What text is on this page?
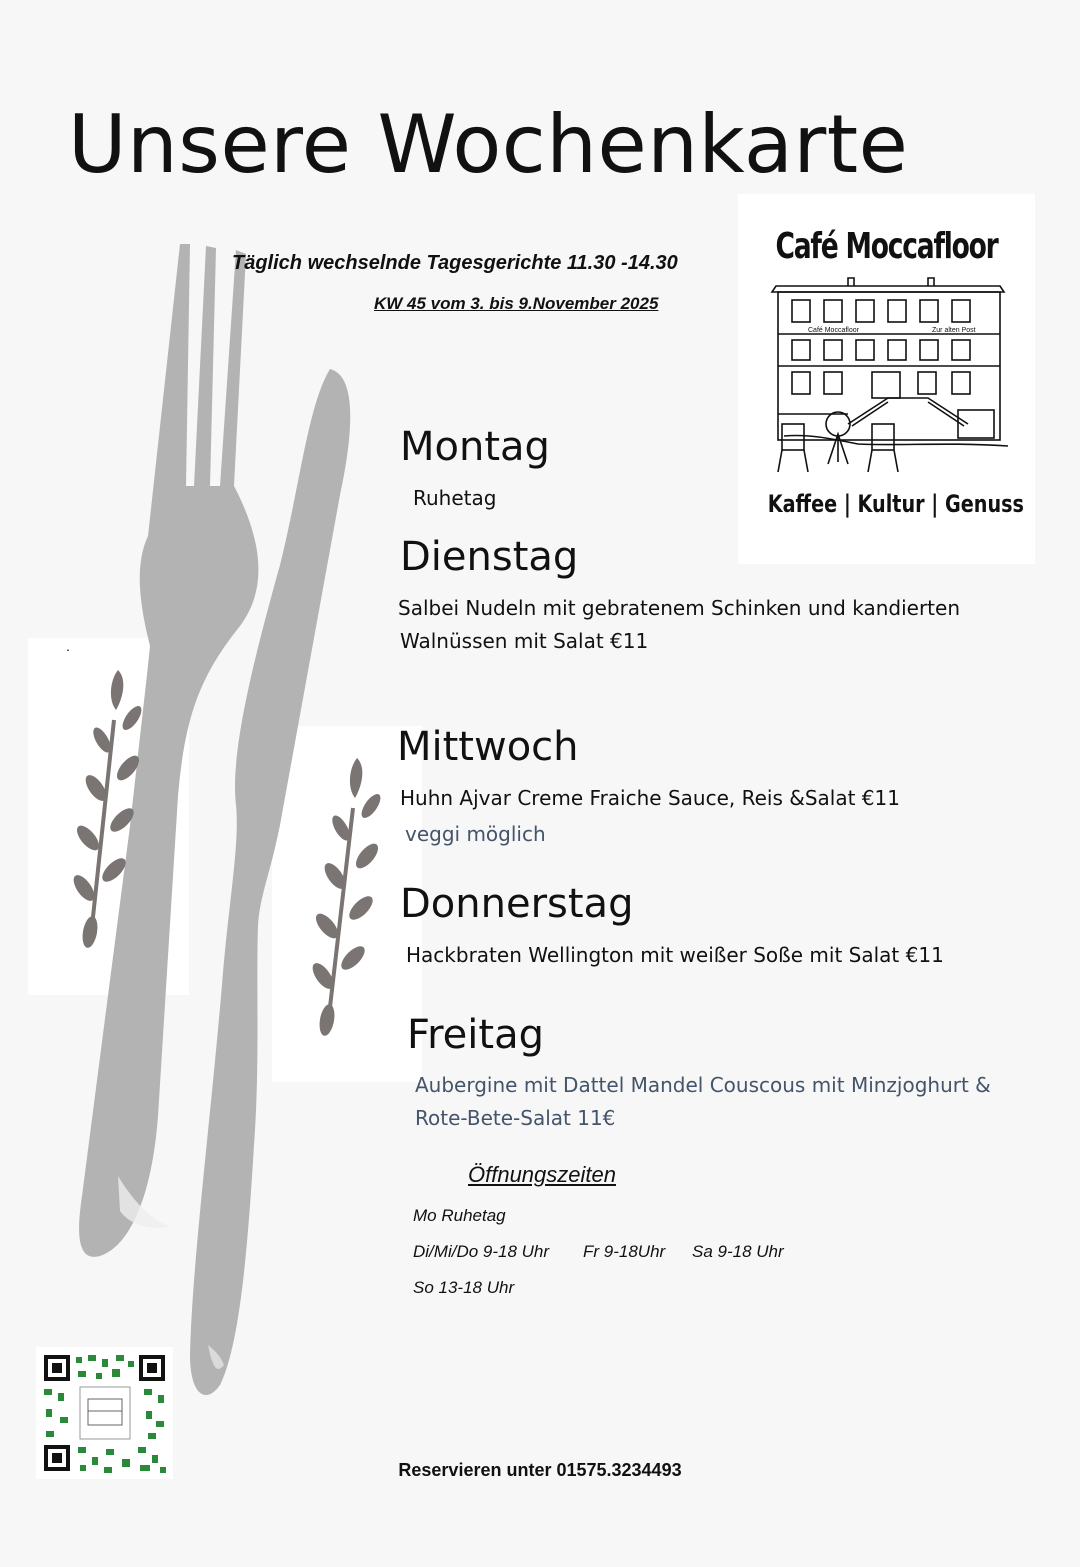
.
Unsere Wochenkarte
Täglich wechselnde Tagesgerichte 11.30 -14.30
KW 45 vom 3. bis 9.November 2025
Café Moccafloor
Café Moccafloor	Zur alten Post
Kaffee | Kultur | Genuss
Montag
Ruhetag
Dienstag
Salbei Nudeln mit gebratenem Schinken und kandierten
Walnüssen mit Salat €11
Mittwoch
Huhn Ajvar Creme Fraiche Sauce, Reis &Salat €11
veggi möglich
Donnerstag
Hackbraten Wellington mit weißer Soße mit Salat €11
Freitag
Aubergine mit Dattel Mandel Couscous mit Minzjoghurt &
Rote-Bete-Salat 11€
Öffnungszeiten
Mo Ruhetag
Di/Mi/Do 9-18 Uhr Fr 9-18Uhr Sa 9-18 Uhr
So 13-18 Uhr
Reservieren unter 01575.3234493
